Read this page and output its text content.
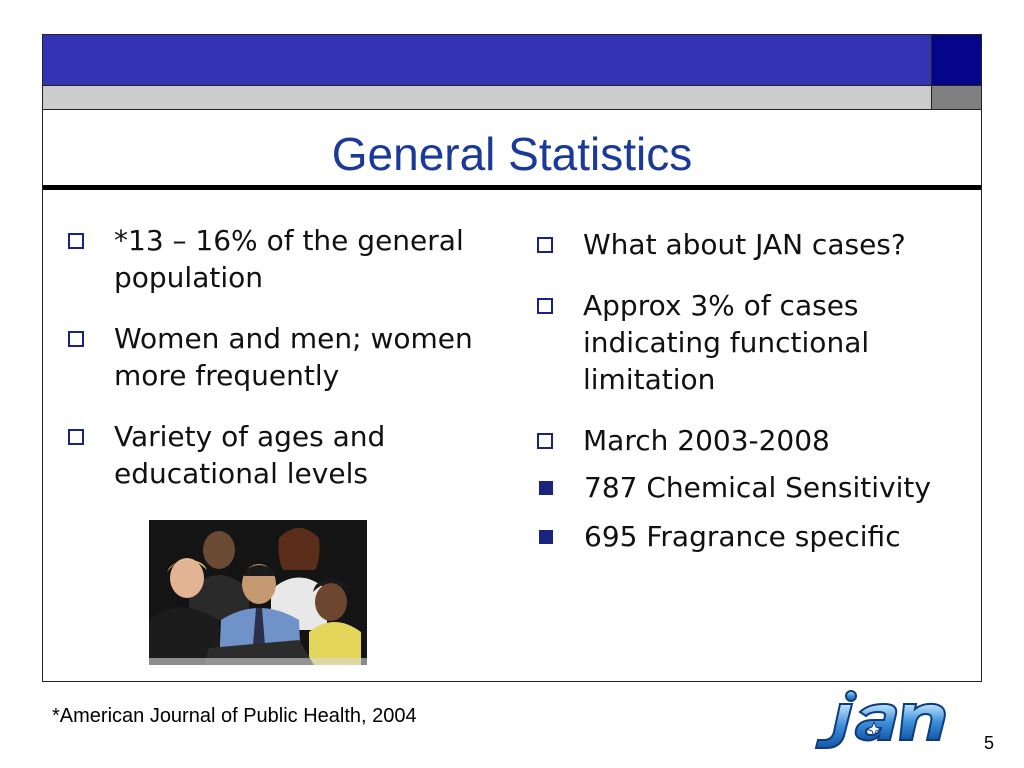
General Statistics
*13 – 16% of the general population
Women and men; women more frequently
Variety of ages and educational levels
What about JAN cases?
Approx 3% of cases indicating functional limitation
March 2003-2008
787 Chemical Sensitivity
695 Fragrance specific
*American Journal of Public Health, 2004
5
